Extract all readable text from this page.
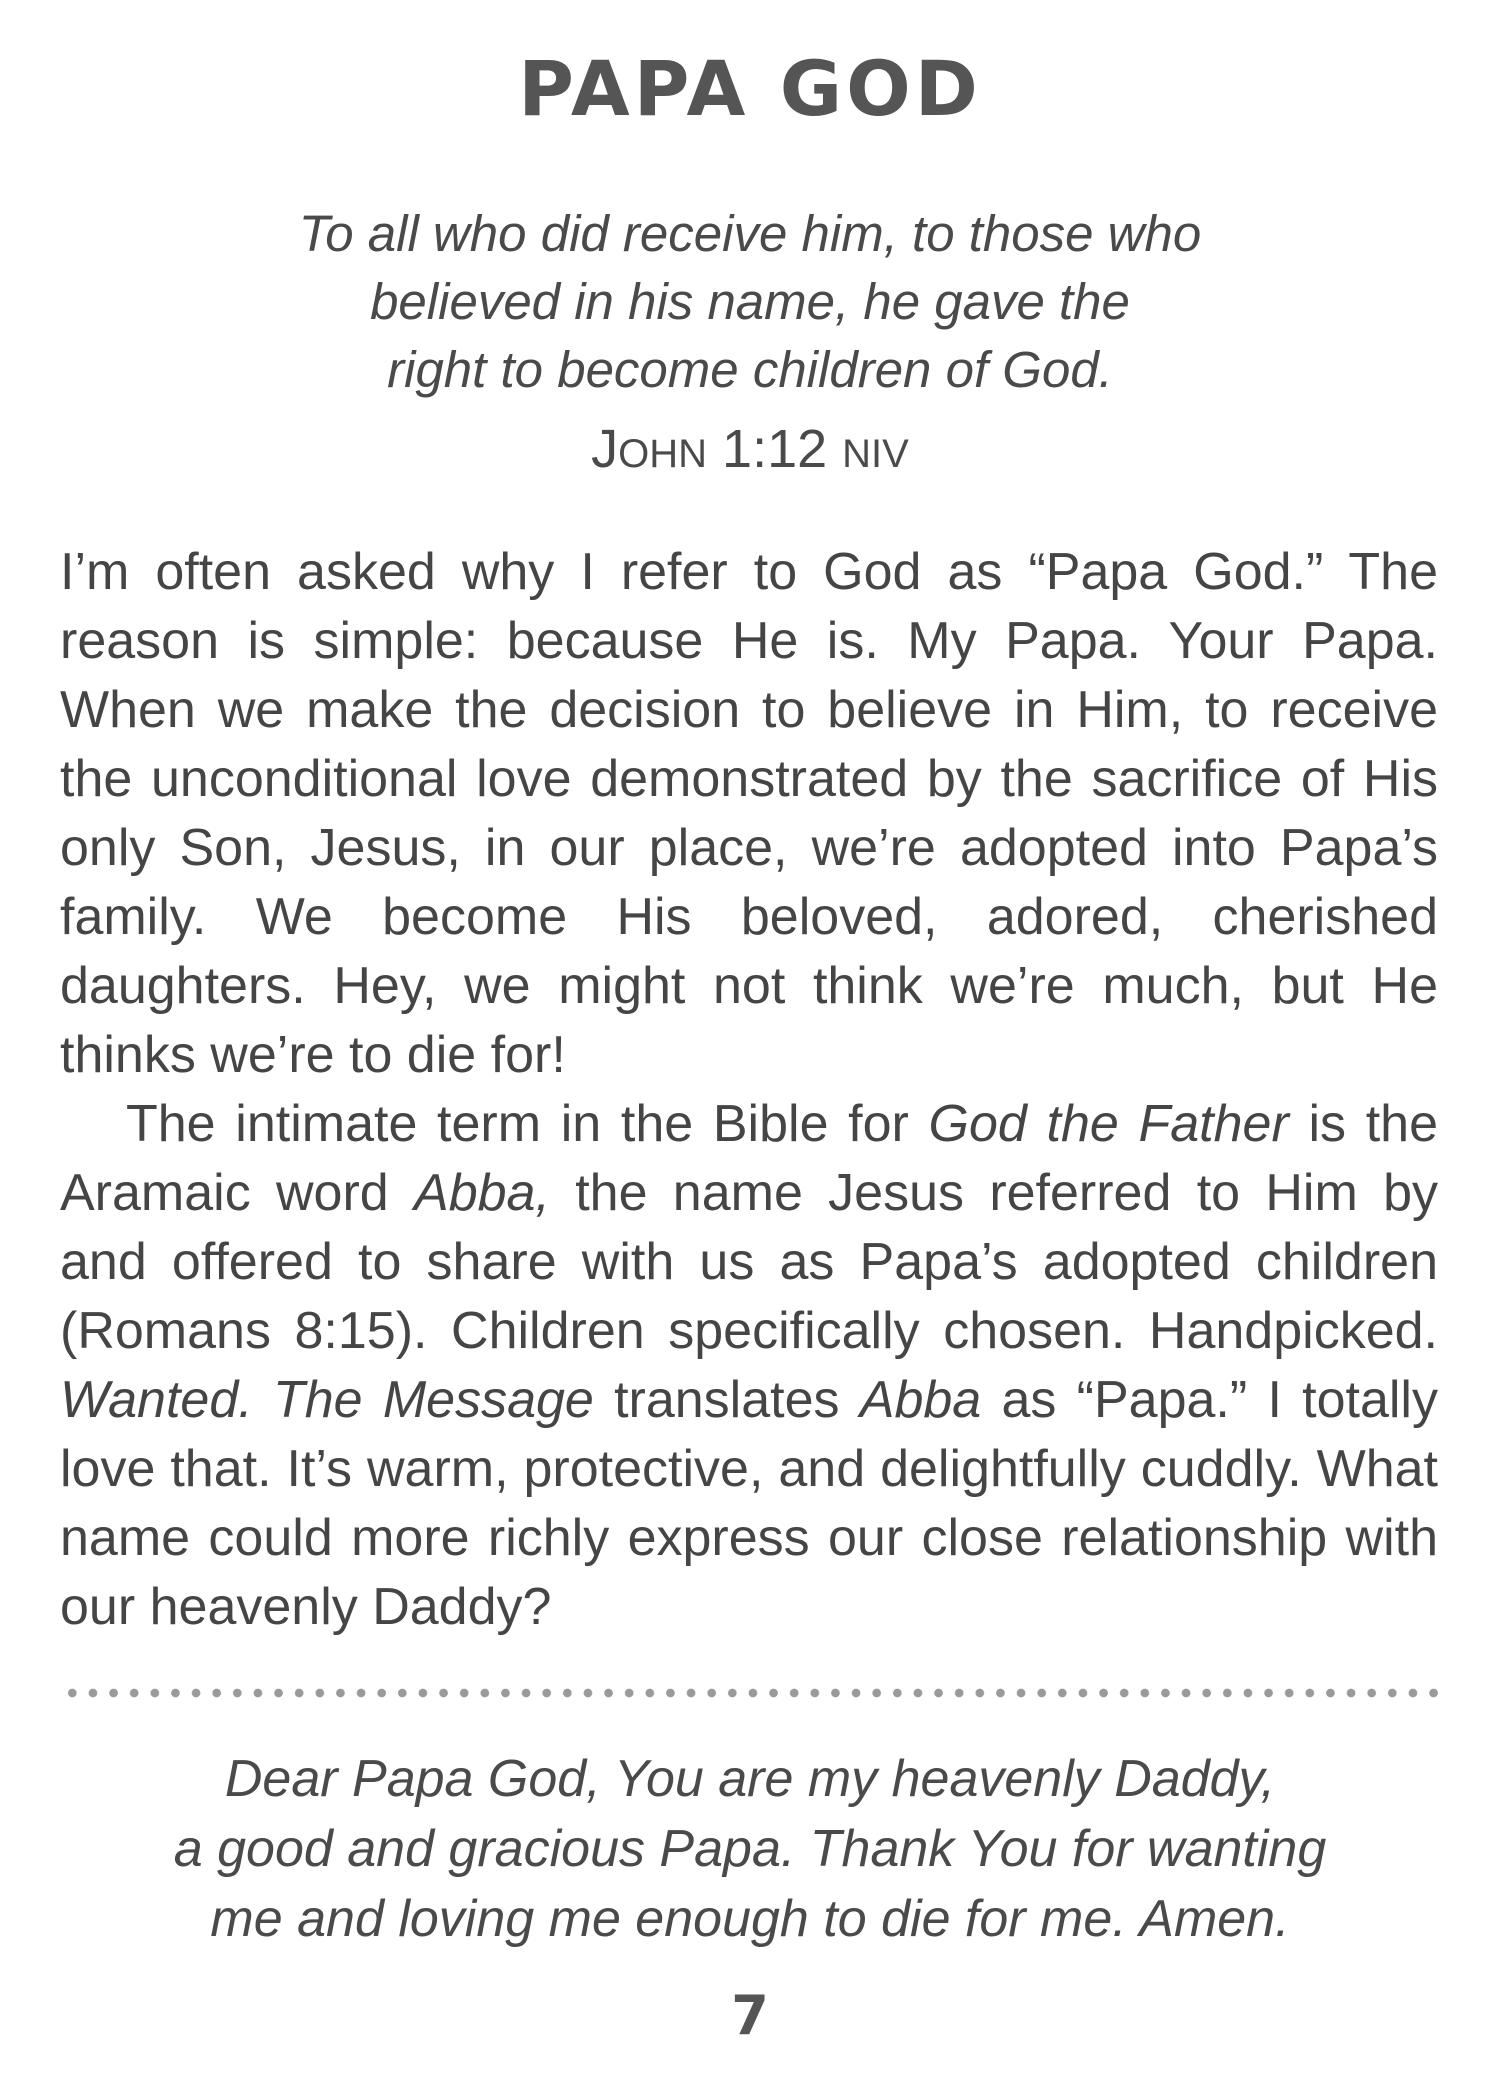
PAPA GOD

To all who did receive him, to those who
believed in his name, he gave the
right to become children of God.

JOHN 1:12 NIV

I’m often asked why I refer to God as “Papa God.” The reason is simple: because He is. My Papa. Your Papa. When we make the decision to believe in Him, to receive the unconditional love demonstrated by the sacrifice of His only Son, Jesus, in our place, we’re adopted into Papa’s family. We become His beloved, adored, cherished daughters. Hey, we might not think we’re much, but He thinks we’re to die for!

The intimate term in the Bible for God the Father is the Aramaic word Abba, the name Jesus referred to Him by and offered to share with us as Papa’s adopted children (Romans 8:15). Children specifically chosen. Handpicked. Wanted. The Message translates Abba as “Papa.” I totally love that. It’s warm, protective, and delightfully cuddly. What name could more richly express our close relationship with our heavenly Daddy?

Dear Papa God, You are my heavenly Daddy,
a good and gracious Papa. Thank You for wanting
me and loving me enough to die for me. Amen.

7
